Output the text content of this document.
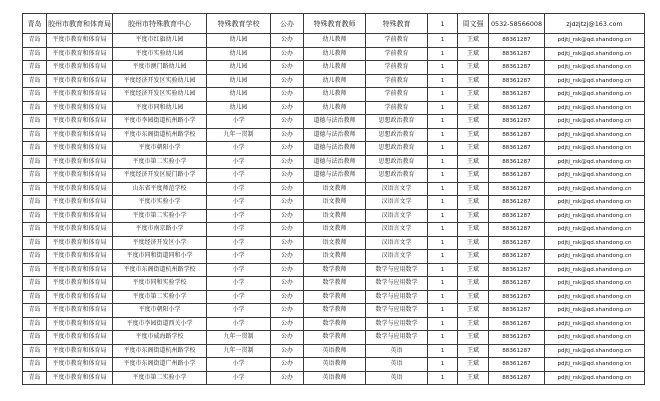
青岛	胶州市教育和体育局	胶州市特殊教育中心	特殊教育学校	公办	特殊教育教师	特殊教育	1	周文强	0532-58566008	zjdzjtzj@163.com
青岛	平度市教育和体育局	平度市红旗幼儿园	幼儿园	公办	幼儿教师	学前教育	1	王斌	88361287	pdjtj_rsk@qd.shandong.cn
青岛	平度市教育和体育局	平度市实验幼儿园	幼儿园	公办	幼儿教师	学前教育	1	王斌	88361287	pdjtj_rsk@qd.shandong.cn
青岛	平度市教育和体育局	平度市澳门路幼儿园	幼儿园	公办	幼儿教师	学前教育	1	王斌	88361287	pdjtj_rsk@qd.shandong.cn
青岛	平度市教育和体育局	平度经济开发区实验幼儿园	幼儿园	公办	幼儿教师	学前教育	1	王斌	88361287	pdjtj_rsk@qd.shandong.cn
青岛	平度市教育和体育局	平度经济开发区实验幼儿园	幼儿园	公办	幼儿教师	学前教育	1	王斌	88361287	pdjtj_rsk@qd.shandong.cn
青岛	平度市教育和体育局	平度市同和幼儿园	幼儿园	公办	幼儿教师	学前教育	1	王斌	88361287	pdjtj_rsk@qd.shandong.cn
青岛	平度市教育和体育局	平度市李园街道杭州路小学	小学	公办	道德与法治教师	思想政治教育	1	王斌	88361287	pdjtj_rsk@qd.shandong.cn
青岛	平度市教育和体育局	平度市东阁街道杭州路学校	九年一贯制	公办	道德与法治教师	思想政治教育	1	王斌	88361287	pdjtj_rsk@qd.shandong.cn
青岛	平度市教育和体育局	平度市朝阳小学	小学	公办	道德与法治教师	思想政治教育	1	王斌	88361287	pdjtj_rsk@qd.shandong.cn
青岛	平度市教育和体育局	平度市第二实验小学	小学	公办	道德与法治教师	思想政治教育	1	王斌	88361287	pdjtj_rsk@qd.shandong.cn
青岛	平度市教育和体育局	平度经济开发区厦门路小学	小学	公办	道德与法治教师	思想政治教育	1	王斌	88361287	pdjtj_rsk@qd.shandong.cn
青岛	平度市教育和体育局	山东省平度师范学校	小学	公办	语文教师	汉语言文学	1	王斌	88361287	pdjtj_rsk@qd.shandong.cn
青岛	平度市教育和体育局	平度市实验小学	小学	公办	语文教师	汉语言文学	1	王斌	88361287	pdjtj_rsk@qd.shandong.cn
青岛	平度市教育和体育局	平度市第二实验小学	小学	公办	语文教师	汉语言文学	1	王斌	88361287	pdjtj_rsk@qd.shandong.cn
青岛	平度市教育和体育局	平度市南京路小学	小学	公办	语文教师	汉语言文学	1	王斌	88361287	pdjtj_rsk@qd.shandong.cn
青岛	平度市教育和体育局	平度经济开发区小学	小学	公办	语文教师	汉语言文学	1	王斌	88361287	pdjtj_rsk@qd.shandong.cn
青岛	平度市教育和体育局	平度市同和街道同和小学	小学	公办	语文教师	汉语言文学	1	王斌	88361287	pdjtj_rsk@qd.shandong.cn
青岛	平度市教育和体育局	平度市东阁街道杭州路学校	小学	公办	数学教师	数学与应用数学	1	王斌	88361287	pdjtj_rsk@qd.shandong.cn
青岛	平度市教育和体育局	平度市同和实验学校	小学	公办	数学教师	数学与应用数学	1	王斌	88361287	pdjtj_rsk@qd.shandong.cn
青岛	平度市教育和体育局	平度市第二实验小学	小学	公办	数学教师	数学与应用数学	1	王斌	88361287	pdjtj_rsk@qd.shandong.cn
青岛	平度市教育和体育局	平度市朝阳小学	小学	公办	数学教师	数学与应用数学	1	王斌	88361287	pdjtj_rsk@qd.shandong.cn
青岛	平度市教育和体育局	平度市李园街道西关小学	小学	公办	数学教师	数学与应用数学	1	王斌	88361287	pdjtj_rsk@qd.shandong.cn
青岛	平度市教育和体育局	平度市威海路学校	九年一贯制	公办	数学教师	数学与应用数学	1	王斌	88361287	pdjtj_rsk@qd.shandong.cn
青岛	平度市教育和体育局	平度市东阁街道杭州路学校	九年一贯制	公办	英语教师	英语	1	王斌	88361287	pdjtj_rsk@qd.shandong.cn
青岛	平度市教育和体育局	平度市东阁街道广州路小学	小学	公办	英语教师	英语	1	王斌	88361287	pdjtj_rsk@qd.shandong.cn
青岛	平度市教育和体育局	平度市第二实验小学	小学	公办	英语教师	英语	1	王斌	88361287	pdjtj_rsk@qd.shandong.cn
